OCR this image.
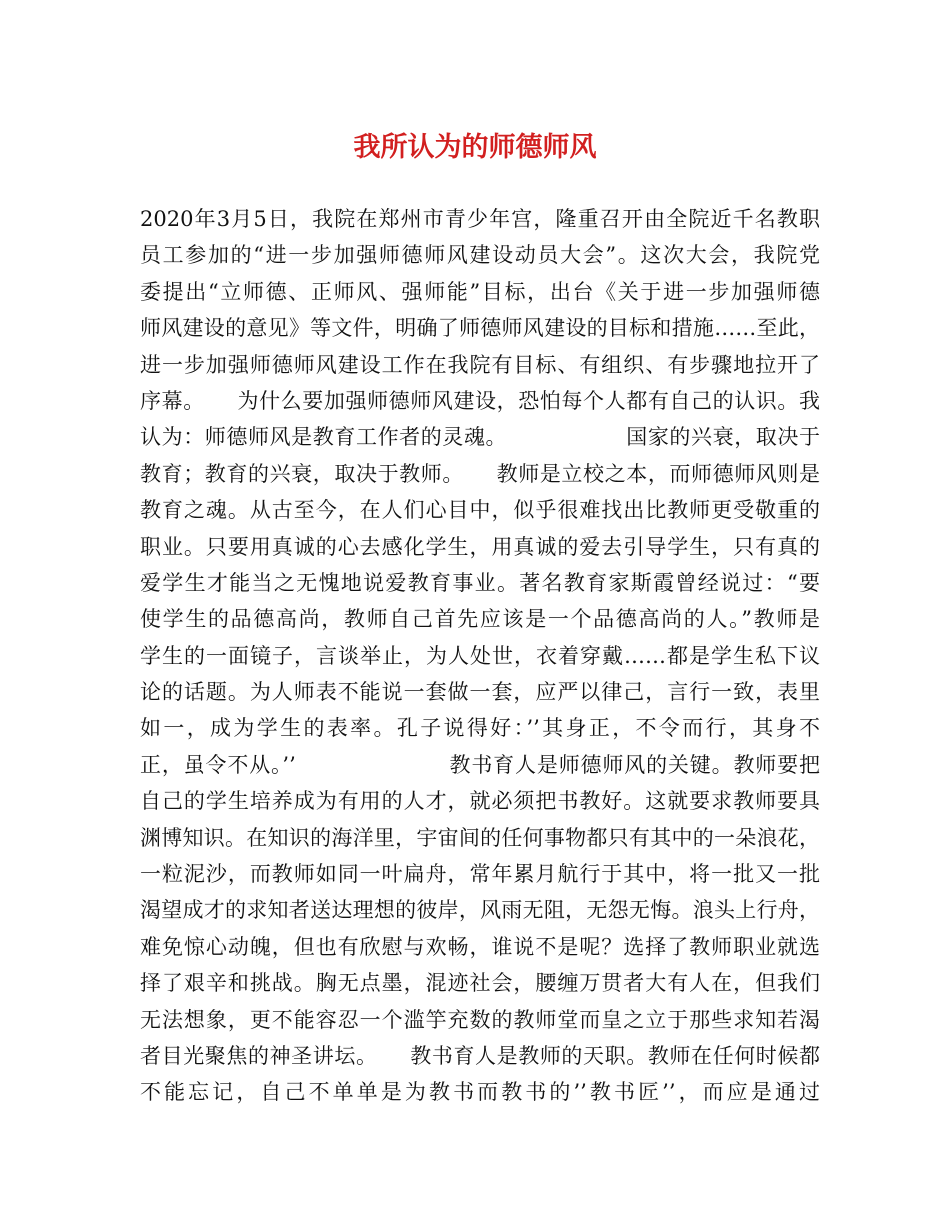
我所认为的师德师风
2020年3月5日，我院在郑州市青少年宫，隆重召开由全院近千名教职
员工参加的“进一步加强师德师风建设动员大会”。这次大会，我院党
委提出“立师德、正师风、强师能”目标，出台《关于进一步加强师德
师风建设的意见》等文件，明确了师德师风建设的目标和措施……至此，
进一步加强师德师风建设工作在我院有目标、有组织、有步骤地拉开了
序幕。　　为什么要加强师德师风建设，恐怕每个人都有自己的认识。我
认为：师德师风是教育工作者的灵魂。　　　　　　国家的兴衰，取决于
教育；教育的兴衰，取决于教师。　　教师是立校之本，而师德师风则是
教育之魂。从古至今，在人们心目中，似乎很难找出比教师更受敬重的
职业。只要用真诚的心去感化学生，用真诚的爱去引导学生，只有真的
爱学生才能当之无愧地说爱教育事业。著名教育家斯霞曾经说过：“要
使学生的品德高尚，教师自己首先应该是一个品德高尚的人。”教师是
学生的一面镜子，言谈举止，为人处世，衣着穿戴……都是学生私下议
论的话题。为人师表不能说一套做一套，应严以律己，言行一致，表里
如一，成为学生的表率。孔子说得好：’’其身正，不令而行，其身不
正，虽令不从。’’　　　　　　　教书育人是师德师风的关键。教师要把
自己的学生培养成为有用的人才，就必须把书教好。这就要求教师要具
渊博知识。在知识的海洋里，宇宙间的任何事物都只有其中的一朵浪花，
一粒泥沙，而教师如同一叶扁舟，常年累月航行于其中，将一批又一批
渴望成才的求知者送达理想的彼岸，风雨无阻，无怨无悔。浪头上行舟，
难免惊心动魄，但也有欣慰与欢畅，谁说不是呢？选择了教师职业就选
择了艰辛和挑战。胸无点墨，混迹社会，腰缠万贯者大有人在，但我们
无法想象，更不能容忍一个滥竽充数的教师堂而皇之立于那些求知若渴
者目光聚焦的神圣讲坛。　　教书育人是教师的天职。教师在任何时候都
不能忘记，自己不单单是为教书而教书的’’教书匠’’，而应是通过
